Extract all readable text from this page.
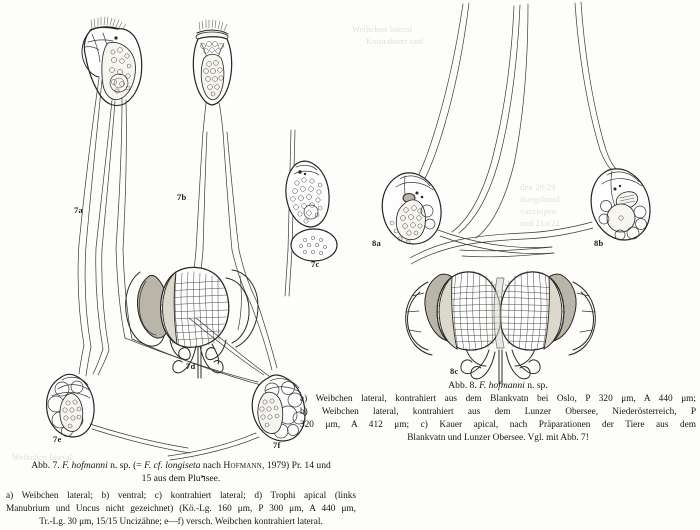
Weibchen lateral
Kontrahiert und
den 28/29
thingshund
vacciopen
und 21a/22
Weibchen lateral
7a
7b
7c
7d
7e
7f
8a	8b
8c
Abb. 8. F. hofmanni n. sp.
a) Weibchen lateral, kontrahiert aus dem Blankvatn bei Oslo, P 320 μm, A 440 μm;
b) Weibchen lateral, kontrahiert aus dem Lunzer Obersee, Niederösterreich, P
320 μm, A 412 μm; c) Kauer apical, nach Präparationen der Tiere aus dem
Blankvatn und Lunzer Obersee. Vgl. mit Abb. 7!
Abb. 7. F. hofmanni n. sp. (= F. cf. longiseta nach Hofmann, 1979) Pr. 14 und
15 aus dem Pluߤsee.
a) Weibchen lateral; b) ventral; c) kontrahiert lateral; d) Trophi apical (links
Manubrium und Uncus nicht gezeichnet) (Kö.-Lg. 160 μm, P 300 μm, A 440 μm,
Tr.-Lg. 30 μm, 15/15 Uncizähne; e—f) versch. Weibchen kontrahiert lateral.
